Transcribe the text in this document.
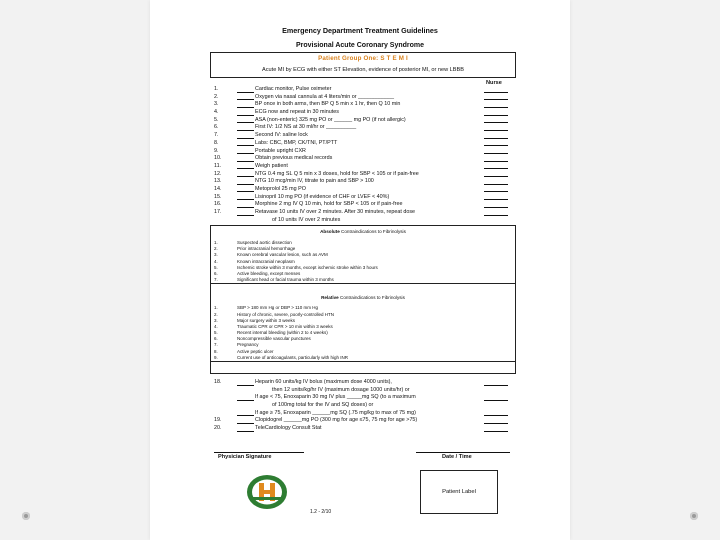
Emergency Department Treatment Guidelines
Provisional Acute Coronary Syndrome
Patient Group One: S T E M I
Acute MI by ECG with either ST Elevation, evidence of posterior MI, or new LBBB
Nurse
1.	Cardiac monitor, Pulse oximeter
2.	Oxygen via nasal cannula at 4 liters/min or ____________
3.	BP once in both arms, then BP Q 5 min x 1 hr, then Q 10 min
4.	ECG now and repeat in 30 minutes
5.	ASA (non-enteric) 325 mg PO or ______ mg PO (if not allergic)
6.	First IV: 1/2 NS at 30 ml/hr or __________
7.	Second IV: saline lock
8.	Labs: CBC, BMP, CK/TNI, PT/PTT
9.	Portable upright CXR
10.	Obtain previous medical records
11.	Weigh patient
12.	NTG 0.4 mg SL Q 5 min x 3 doses, hold for SBP < 105 or if pain-free
13.	NTG 10 mcg/min IV, titrate to pain and SBP > 100
14.	Metoprolol 25 mg PO
15.	Lisinopril 10 mg PO (if evidence of CHF or LVEF < 40%)
16.	Morphine 2 mg IV Q 10 min, hold for SBP < 105 or if pain-free
17.	Retavase 10 units IV over 2 minutes. After 30 minutes, repeat dose
of 10 units IV over 2 minutes
Absolute Contraindications to Fibrinolysis
1.	Suspected aortic dissection
2.	Prior intracranial hemorrhage
3.	Known cerebral vascular lesion, such as AVM
4.	Known intracranial neoplasm
5.	Ischemic stroke within 3 months, except ischemic stroke within 3 hours
6.	Active bleeding, except menses
7.	Significant head or facial trauma within 3 months
Relative Contraindications to Fibrinolysis
1.	SBP > 180 mm Hg or DBP > 110 mm Hg
2.	History of chronic, severe, poorly-controlled HTN
3.	Major surgery within 3 weeks
4.	Traumatic CPR or CPR > 10 min within 3 weeks
5.	Recent internal bleeding (within 2 to 4 weeks)
6.	Noncompressible vascular punctures
7.	Pregnancy
8.	Active peptic ulcer
9.	Current use of anticoagulants, particularly with high INR
18.	Heparin 60 units/kg IV bolus (maximum dose 4000 units),
then 12 units/kg/hr IV (maximum dosage 1000 units/hr) or
If age < 75, Enoxaparin 30 mg IV plus _____mg SQ (to a maximum
of 100mg total for the IV and SQ doses) or
If age ≥ 75, Enoxaparin ______mg SQ (.75 mg/kg to max of 75 mg)
19.	Clopidogrel ______mg PO (300 mg for age ≤75, 75 mg for age >75)
20.	TeleCardiology Consult Stat
Physician Signature	Date / Time
Patient Label
1.2 - 2/10
